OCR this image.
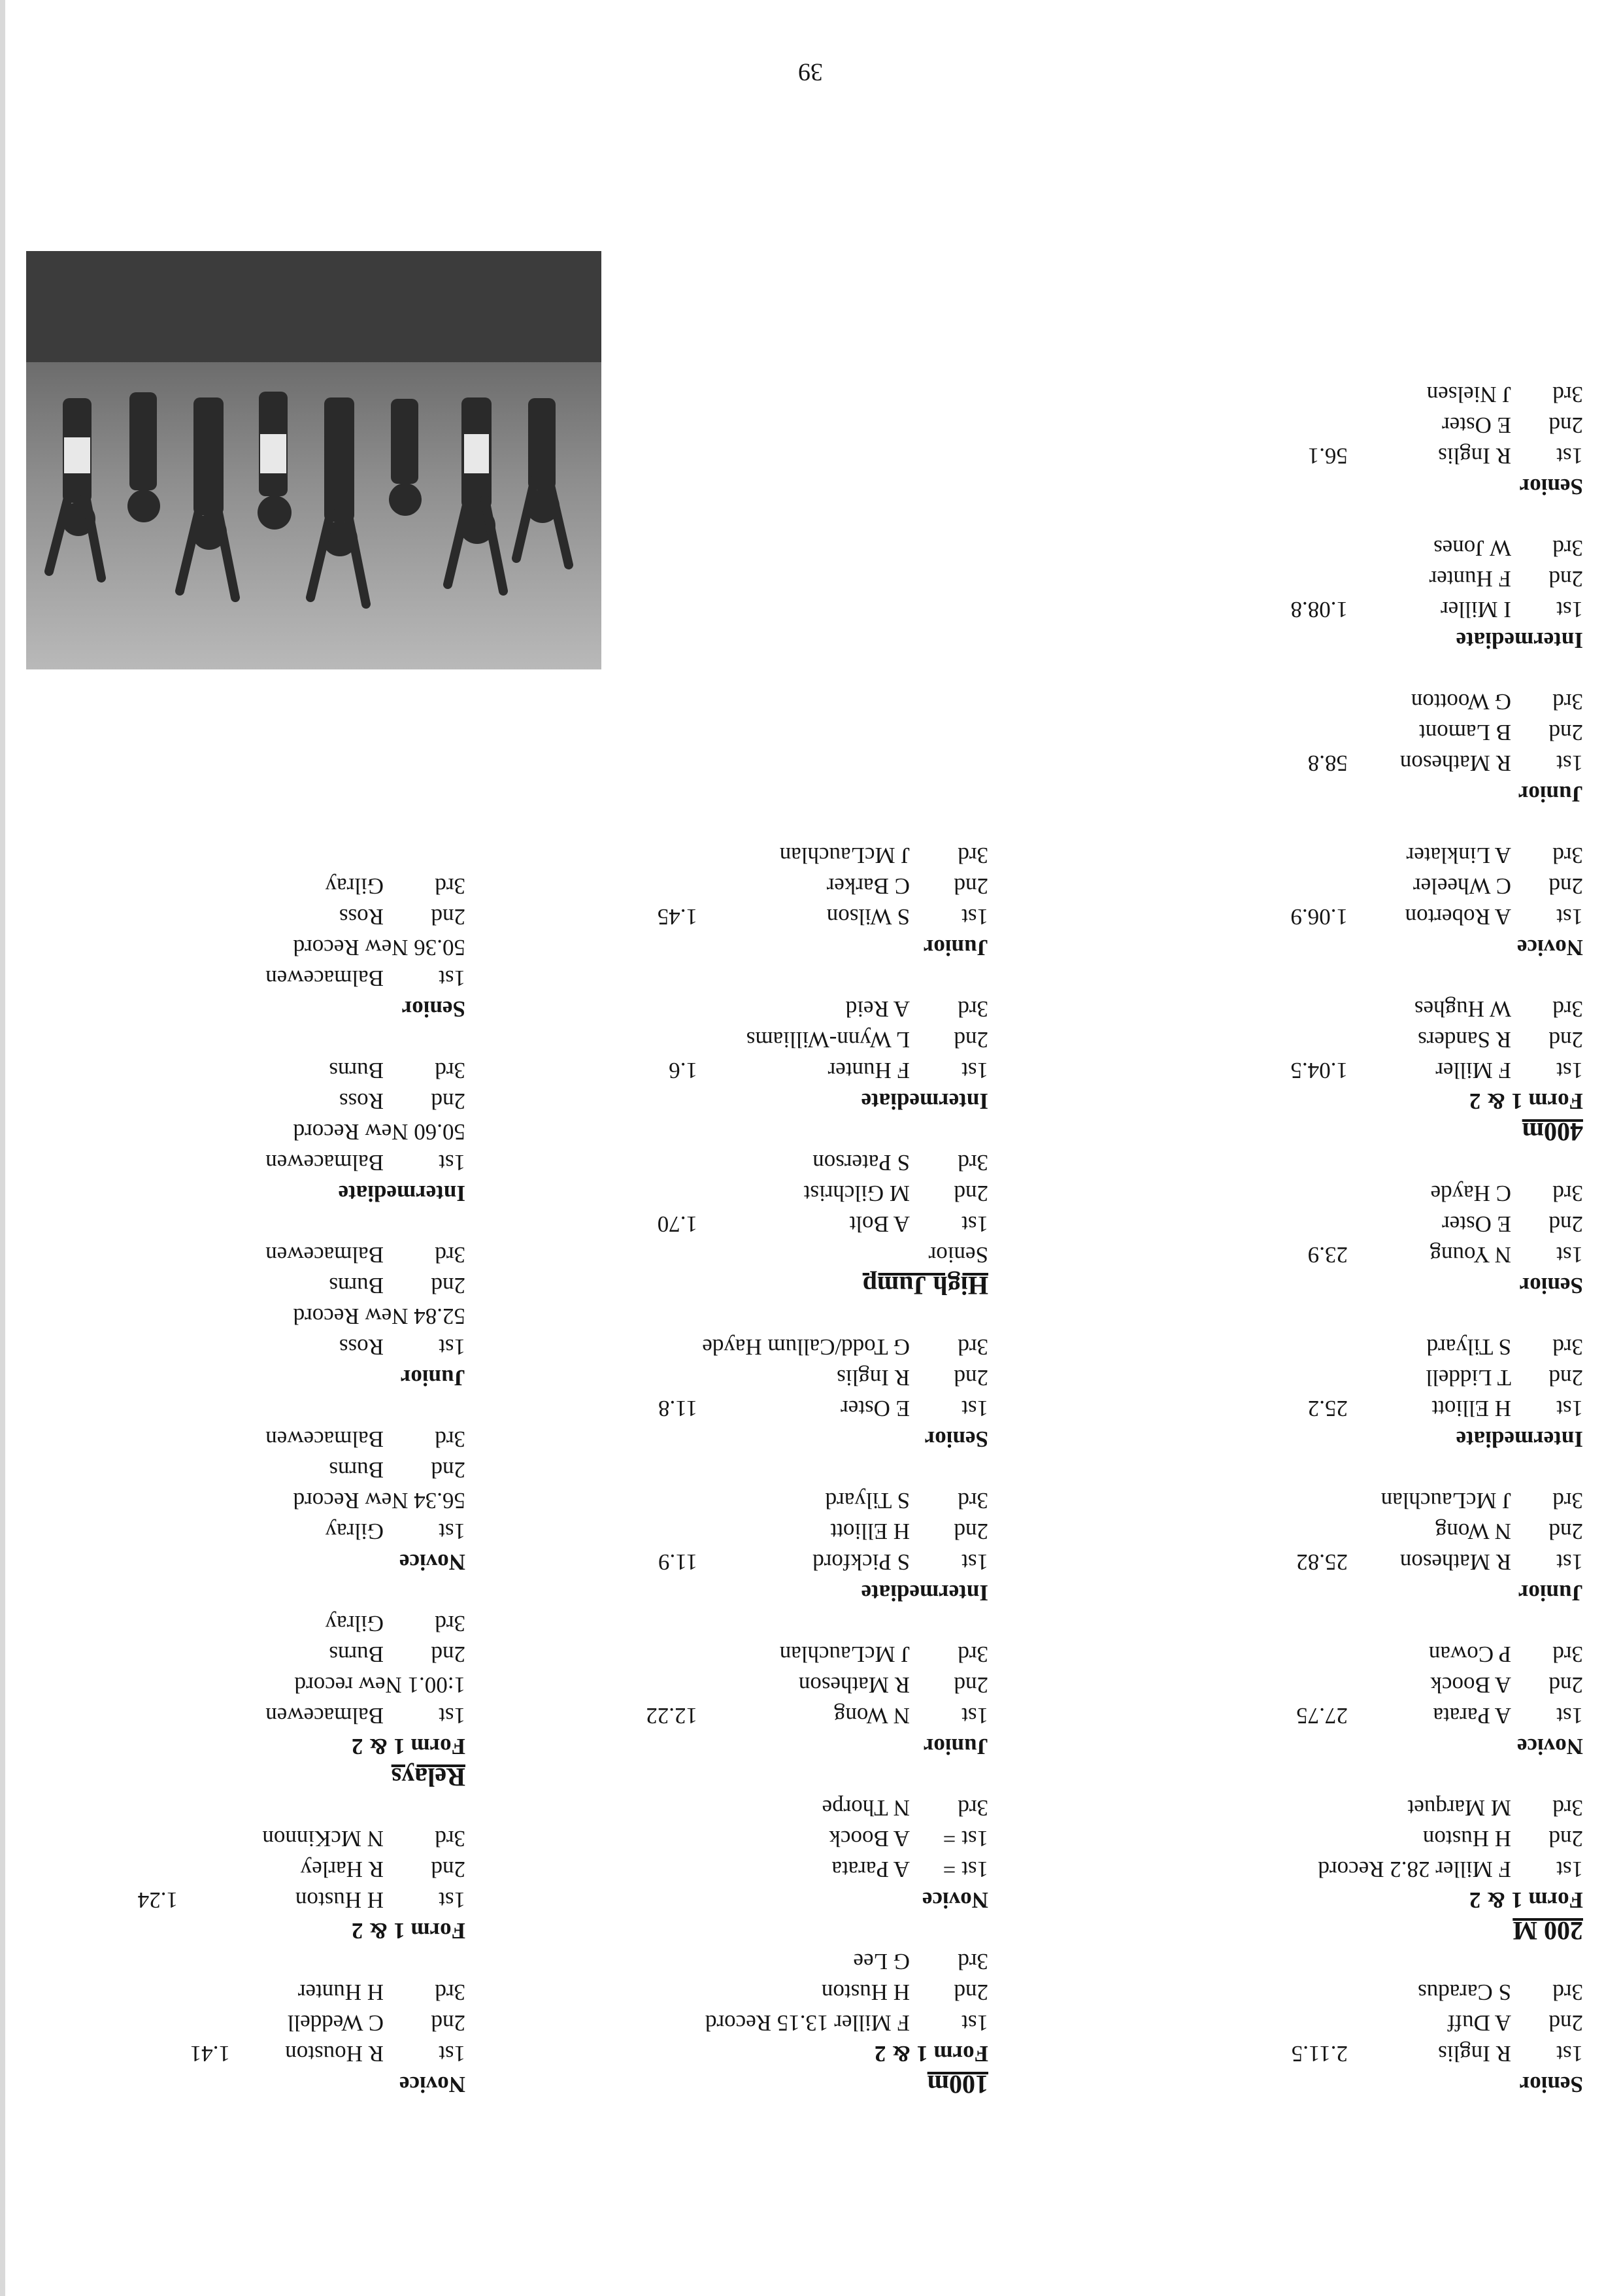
Senior
1st
R Inglis
2.11.5
2nd
A Duff
3rd
S Caradus
200 M
Form 1 & 2
1st
F Miller 28.2 Record
2nd
H Huston
3rd
M Marquet
Novice
1st
A Parata
27.75
2nd
A Boock
3rd
P Cowan
Junior
1st
R Matheson
25.82
2nd
N Wong
3rd
J McLauchlan
Intermediate
1st
H Elliott
25.2
2nd
T Liddell
3rd
S Tilyard
Senior
1st
N Young
23.9
2nd
E Oster
3rd
C Hayde
400m
Form 1 & 2
1st
F Miller
1.04.5
2nd
R Sanders
3rd
W Hughes
Novice
1st
A Roberton
1.06.9
2nd
C Wheeler
3rd
A Linklater
Junior
1st
R Matheson
58.8
2nd
B Lamont
3rd
G Wootton
Intermediate
1st
I Miller
1.08.8
2nd
F Hunter
3rd
W Jones
Senior
1st
R Inglis
56.1
2nd
E Oster
3rd
J Nielsen
100m
Form 1 & 2
1st
F Miller 13.15 Record
2nd
H Huston
3rd
G Lee
Novice
1st =
A Parata
1st =
A Boock
3rd
N Thorpe
Junior
1st
N Wong
12.22
2nd
R Matheson
3rd
J McLauchlan
Intermediate
1st
S Pickford
11.9
2nd
H Elliott
3rd
S Tilyard
Senior
1st
E Oster
11.8
2nd
R Inglis
3rd
G Todd/Callum Hayde
High Jump
Senior
1st
A Bolt
1.70
2nd
M Gilchrist
3rd
S Paterson
Intermediate
1st
F Hunter
1.6
2nd
L Wynn-Williams
3rd
A Reid
Junior
1st
S Wilson
1.45
2nd
C Barker
3rd
J McLauchlan
Novice
1st
R Houston
1.41
2nd
C Weddell
3rd
H Hunter
Form 1 & 2
1st
H Huston
1.24
2nd
R Harley
3rd
N McKinnon
Relays
Form 1 & 2
1st
Balmacewen
1:00.1 New record
2nd
Burns
3rd
Gilray
Novice
1st
Gilray
56.34 New Record
2nd
Burns
3rd
Balmacewen
Junior
1st
Ross
52.84 New Record
2nd
Burns
3rd
Balmacewen
Intermediate
1st
Balmacewen
50.60 New Record
2nd
Ross
3rd
Burns
Senior
1st
Balmacewen
50.36 New Record
2nd
Ross
3rd
Gilray
39
